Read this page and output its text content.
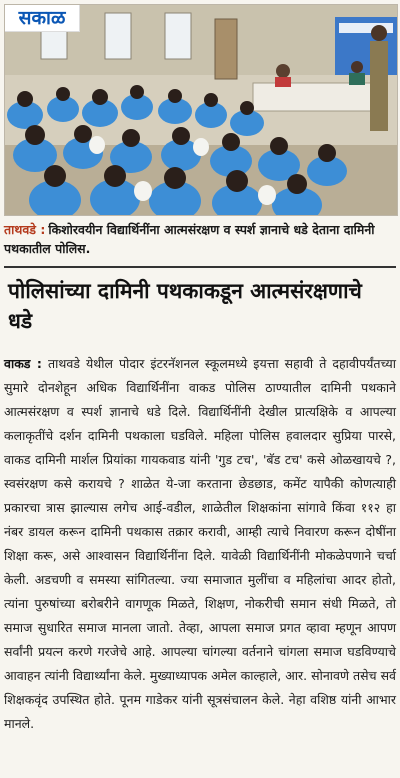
सकाळ
ताथवडे : किशोरवयीन विद्यार्थिनींना आत्मसंरक्षण व स्पर्श ज्ञानाचे धडे देताना दामिनी पथकातील पोलिस.
पोलिसांच्या दामिनी पथकाकडून आत्मसंरक्षणाचे धडे
वाकड : ताथवडे येथील पोदार इंटरनॅशनल स्कूलमध्ये इयत्ता सहावी ते दहावीपर्यंतच्या सुमारे दोनशेहून अधिक विद्यार्थिनींना वाकड पोलिस ठाण्यातील दामिनी पथकाने आत्मसंरक्षण व स्पर्श ज्ञानाचे धडे दिले. विद्यार्थिनींनी देखील प्रात्यक्षिके व आपल्या कलाकृतींचे दर्शन दामिनी पथकाला घडविले. महिला पोलिस हवालदार सुप्रिया पारसे, वाकड दामिनी मार्शल प्रियांका गायकवाड यांनी 'गुड टच', 'बॅड टच' कसे ओळखायचे ?, स्वसंरक्षण कसे करायचे ? शाळेत ये-जा करताना छेडछाड, कमेंट यापैकी कोणत्याही प्रकारचा त्रास झाल्यास लगेच आई-वडील, शाळेतील शिक्षकांना सांगावे किंवा ११२ हा नंबर डायल करून दामिनी पथकास तक्रार करावी, आम्ही त्याचे निवारण करून दोषींना शिक्षा करू, असे आश्वासन विद्यार्थिनींना दिले. यावेळी विद्यार्थिनींनी मोकळेपणाने चर्चा केली. अडचणी व समस्या सांगितल्या. ज्या समाजात मुलींचा व महिलांचा आदर होतो, त्यांना पुरुषांच्या बरोबरीने वागणूक मिळते, शिक्षण, नोकरीची समान संधी मिळते, तो समाज सुधारित समाज मानला जातो. तेव्हा, आपला समाज प्रगत व्हावा म्हणून आपण सर्वांनी प्रयत्न करणे गरजेचे आहे. आपल्या चांगल्या वर्तनाने चांगला समाज घडविण्याचे आवाहन त्यांनी विद्यार्थ्यांना केले. मुख्याध्यापक अमेल काल्हाले, आर. सोनावणे तसेच सर्व शिक्षकवृंद उपस्थित होते. पूनम गाडेकर यांनी सूत्रसंचालन केले. नेहा वशिष्ठ यांनी आभार मानले.
